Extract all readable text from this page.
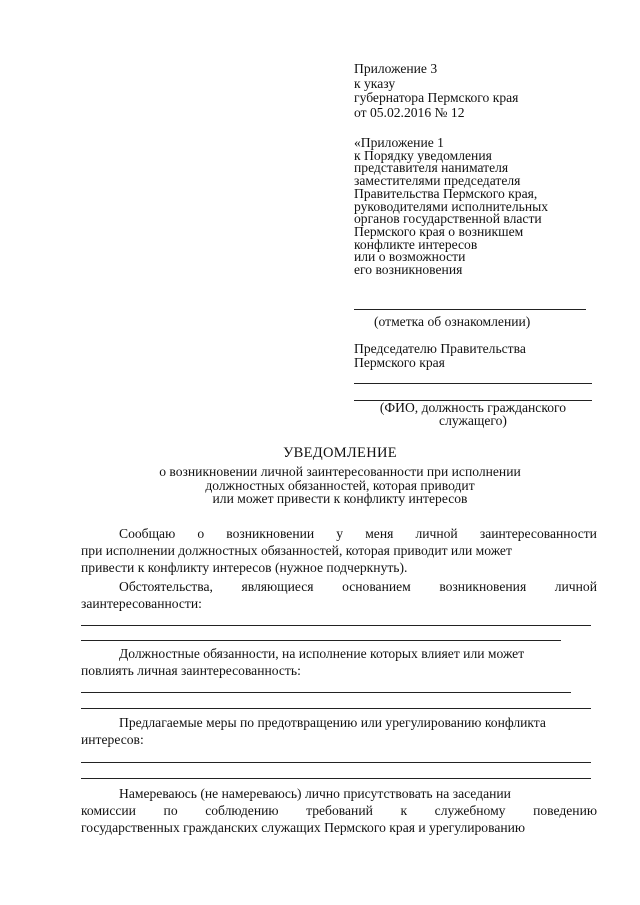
Приложение 3
к указу
губернатора Пермского края
от 05.02.2016 № 12
«Приложение 1
к Порядку уведомления
представителя нанимателя
заместителями председателя
Правительства Пермского края,
руководителями исполнительных
органов государственной власти
Пермского края о возникшем
конфликте интересов
или о возможности
его возникновения
(отметка об ознакомлении)
Председателю Правительства
Пермского края
(ФИО, должность гражданского
служащего)
УВЕДОМЛЕНИЕ
о возникновении личной заинтересованности при исполнении
должностных обязанностей, которая приводит
или может привести к конфликту интересов
Сообщаю о возникновении у меня личной заинтересованности
при исполнении должностных обязанностей, которая приводит или может
привести к конфликту интересов (нужное подчеркнуть).
Обстоятельства, являющиеся основанием возникновения личной
заинтересованности:
Должностные обязанности, на исполнение которых влияет или может
повлиять личная заинтересованность:
Предлагаемые меры по предотвращению или урегулированию конфликта
интересов:
Намереваюсь (не намереваюсь) лично присутствовать на заседании
комиссии по соблюдению требований к служебному поведению
государственных гражданских служащих Пермского края и урегулированию
